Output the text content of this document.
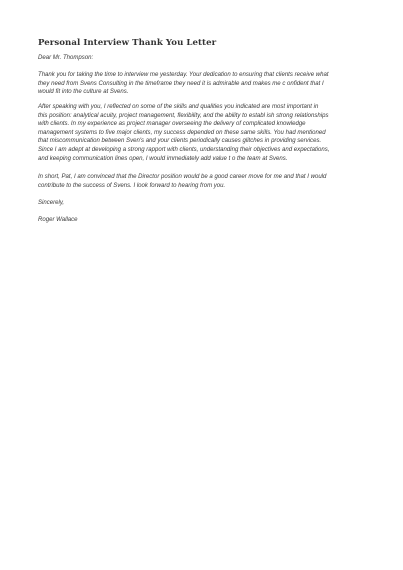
Personal Interview Thank You Letter
Dear Mr. Thompson:
Thank you for taking the time to interview me yesterday. Your dedication to ensuring that clients receive what
they need from Svens Consulting in the timeframe they need it is admirable and makes me c onfident that I
would fit into the culture at Svens.
After speaking with you, I reflected on some of the skills and qualities you indicated are most important in
this position: analytical acuity, project management, flexibility, and the ability to establ ish strong relationships
with clients. In my experience as project manager overseeing the delivery of complicated knowledge
management systems to five major clients, my success depended on these same skills. You had mentioned
that miscommunication between Sven's and your clients periodically causes glitches in providing services.
Since I am adept at developing a strong rapport with clients, understanding their objectives and expectations,
and keeping communication lines open, I would immediately add value t o the team at Svens.
In short, Pat, I am convinced that the Director position would be a good career move for me and that I would
contribute to the success of Svens. I look forward to hearing from you.
Sincerely,
Roger Wallace
